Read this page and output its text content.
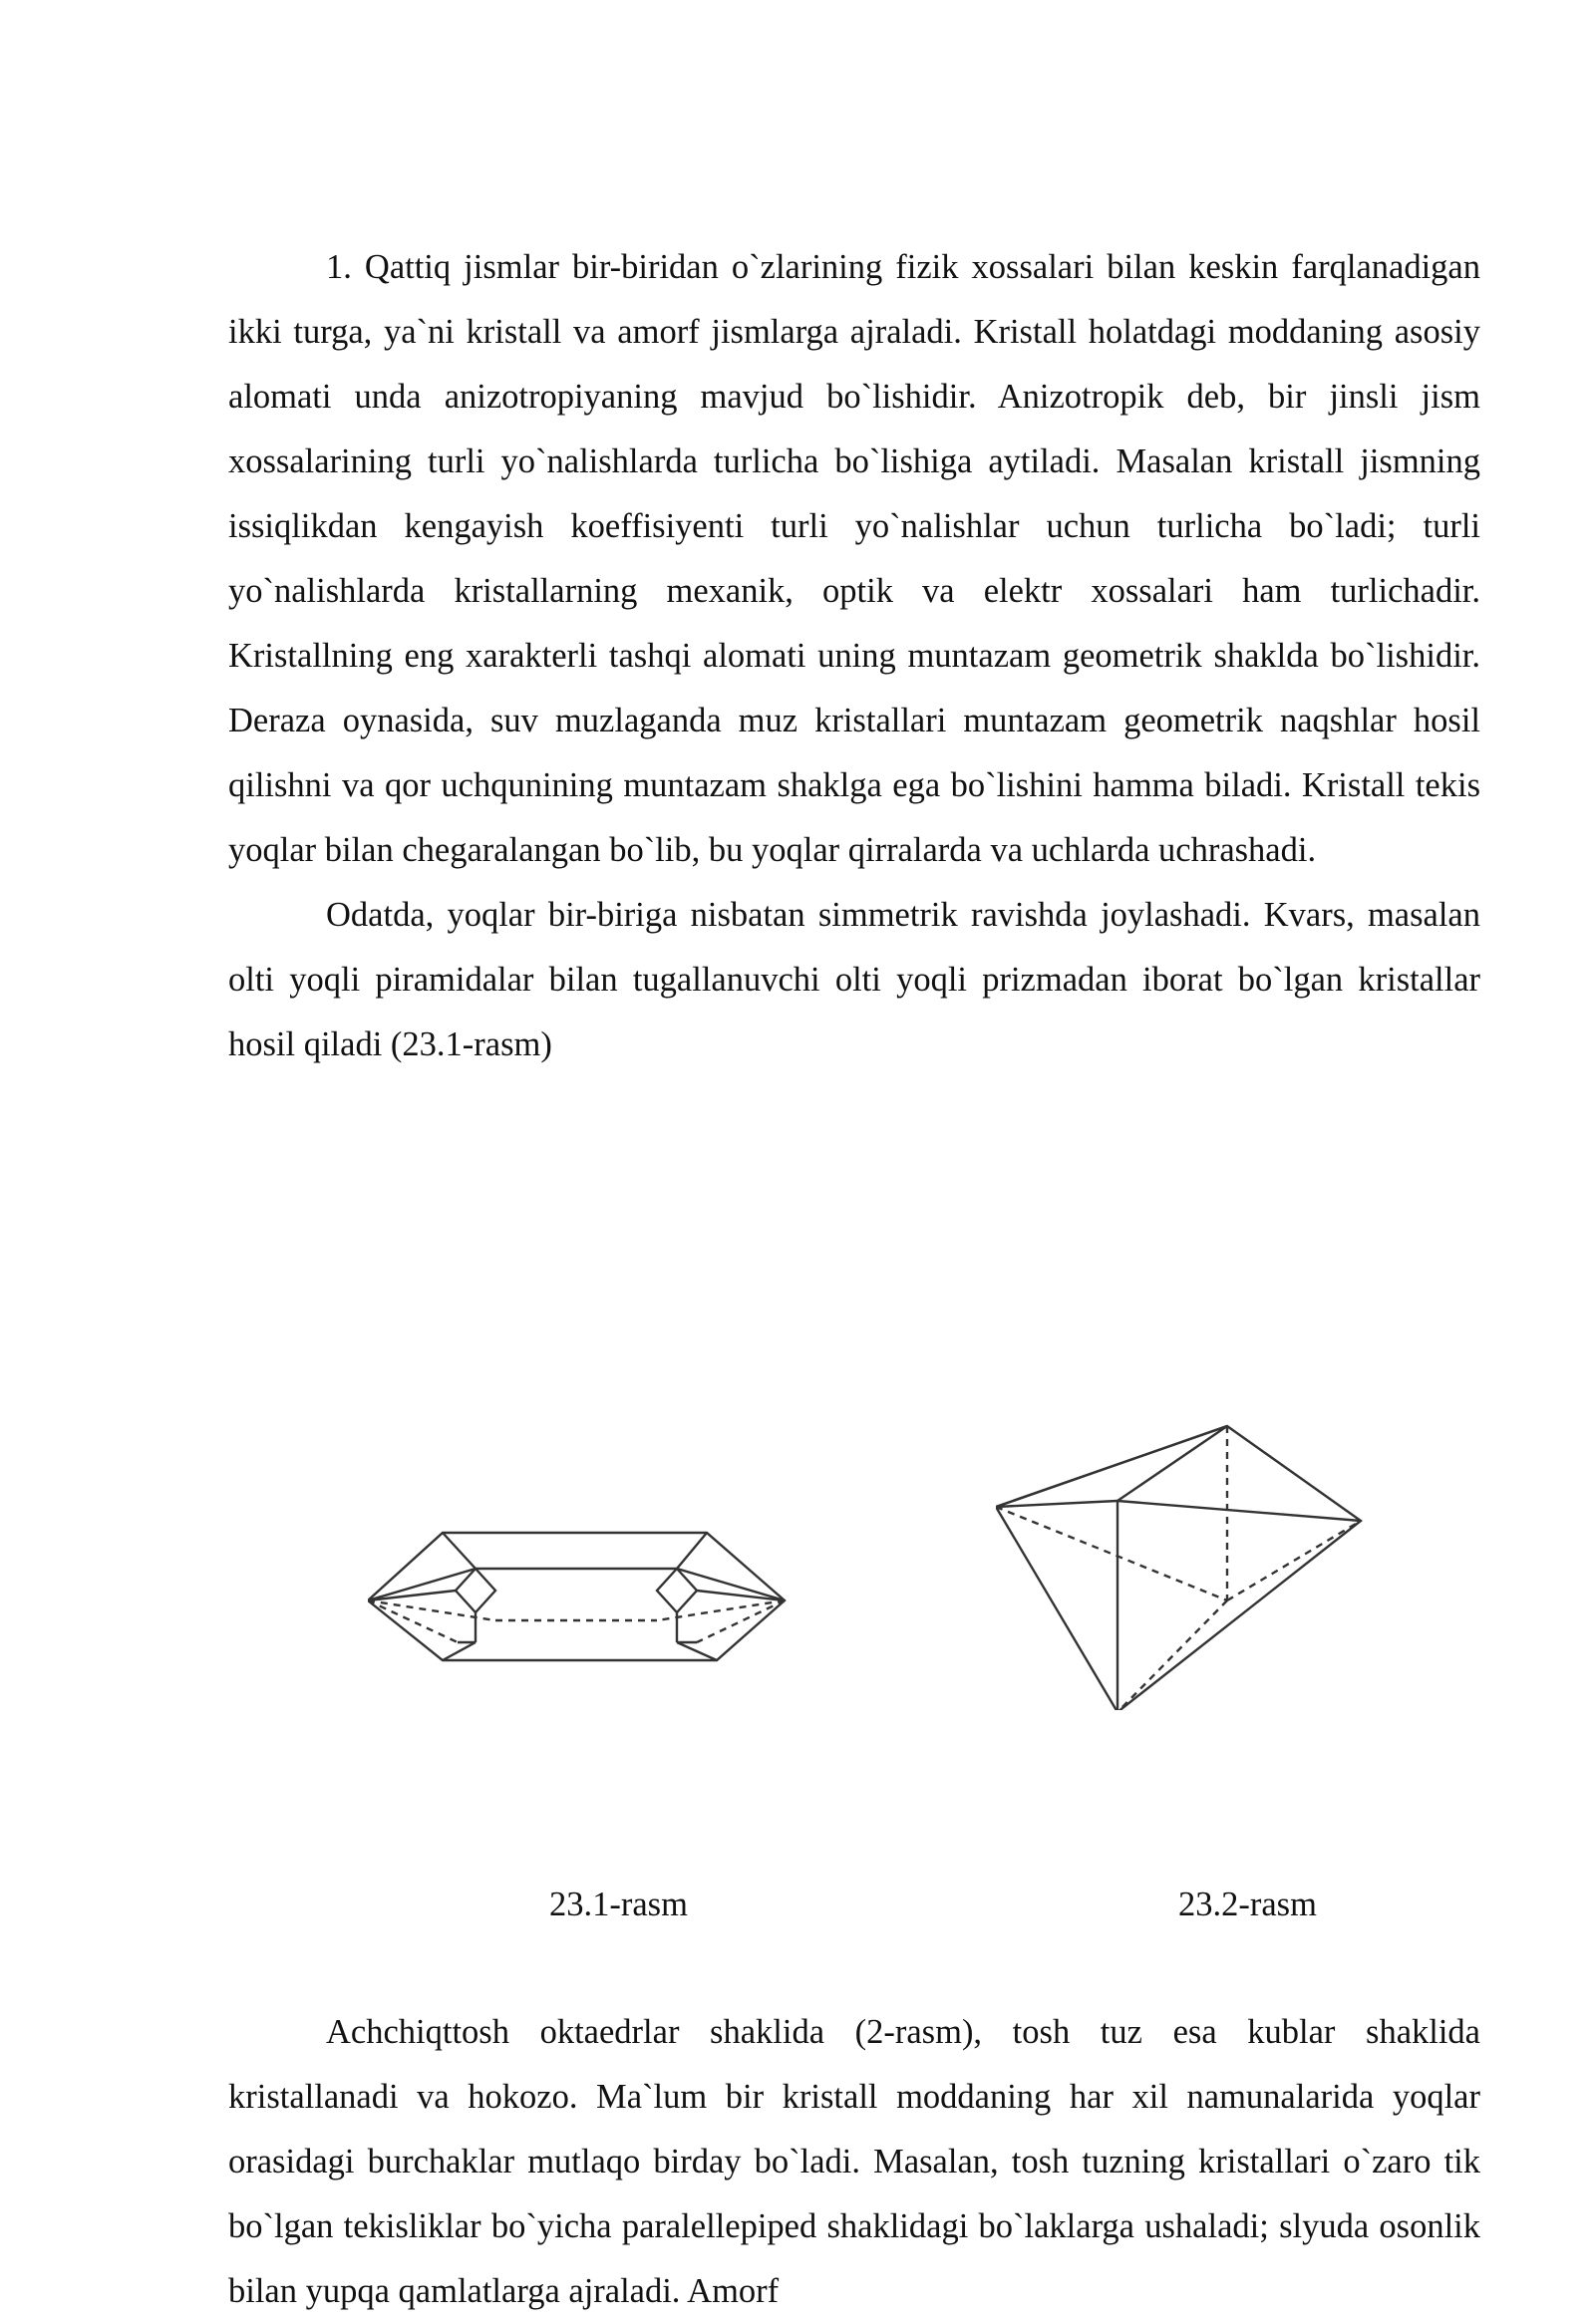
1. Qattiq jismlar bir-biridan o`zlarining fizik xossalari bilan keskin farqlanadigan ikki turga, ya`ni kristall va amorf jismlarga ajraladi. Kristall holatdagi moddaning asosiy alomati unda anizotropiyaning mavjud bo`lishidir. Anizotropik deb, bir jinsli jism xossalarining turli yo`nalishlarda turlicha bo`lishiga aytiladi. Masalan kristall jismning issiqlikdan kengayish koeffisiyenti turli yo`nalishlar uchun turlicha bo`ladi; turli yo`nalishlarda kristallarning mexanik, optik va elektr xossalari ham turlichadir. Kristallning eng xarakterli tashqi alomati uning muntazam geometrik shaklda bo`lishidir. Deraza oynasida, suv muzlaganda muz kristallari muntazam geometrik naqshlar hosil qilishni va qor uchqunining muntazam shaklga ega bo`lishini hamma biladi. Kristall tekis yoqlar bilan chegaralangan bo`lib, bu yoqlar qirralarda va uchlarda uchrashadi.

Odatda, yoqlar bir-biriga nisbatan simmetrik ravishda joylashadi. Kvars, masalan olti yoqli piramidalar bilan tugallanuvchi olti yoqli prizmadan iborat bo`lgan kristallar hosil qiladi (23.1-rasm)

23.1-rasm	23.2-rasm

Achchiqttosh oktaedrlar shaklida (2-rasm), tosh tuz esa kublar shaklida kristallanadi va hokozo. Ma`lum bir kristall moddaning har xil namunalarida yoqlar orasidagi burchaklar mutlaqo birday bo`ladi. Masalan, tosh tuzning kristallari o`zaro tik bo`lgan tekisliklar bo`yicha paralellepiped shaklidagi bo`laklarga ushaladi; slyuda osonlik bilan yupqa qamlatlarga ajraladi. Amorf
